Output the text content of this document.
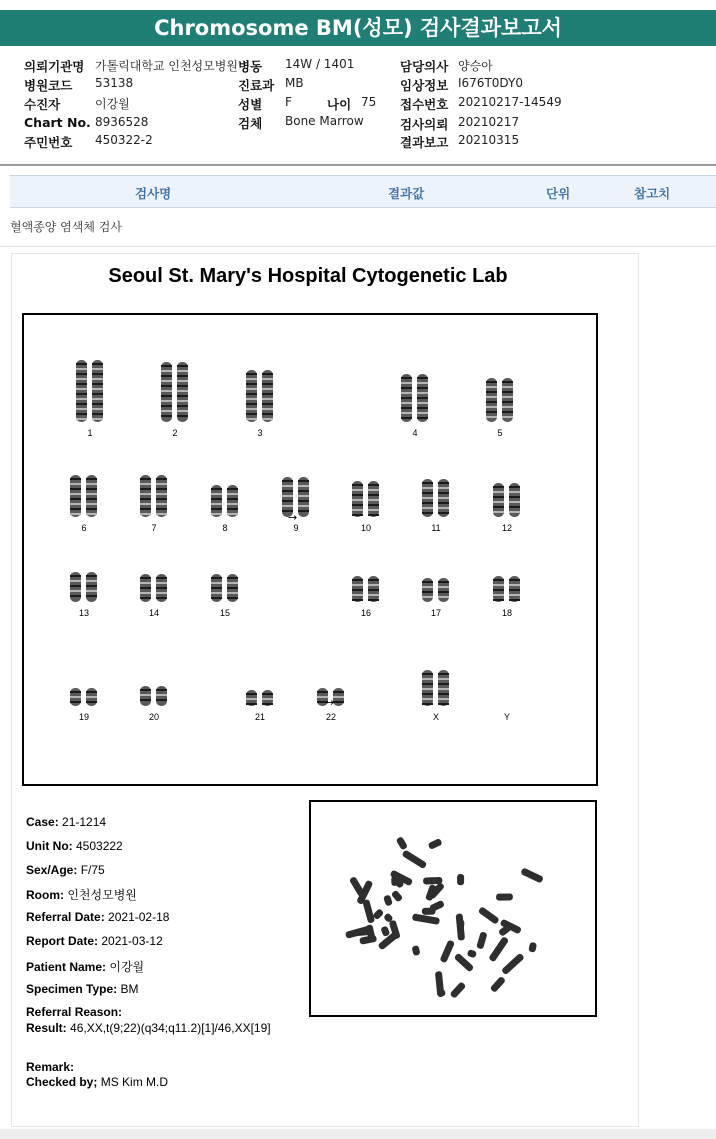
Chromosome BM(성모) 검사결과보고서
의뢰기관명 가톨릭대학교 인천성모병원 병동 14W / 1401	담당의사 양승아
병원코드 53138	진료과 MB	임상정보 I676T0DY0
수진자	이강월	성별 F	나이 75 접수번호 20210217-14549
Chart No. 8936528	검체 Bone Marrow	검사의뢰 20210217
주민번호 450322-2	결과보고 20210315
검사명	결과값	단위	참고치
혈액종양 염색체 검사
Seoul St. Mary's Hospital Cytogenetic Lab
1	2	3	4	5
6	7	8	9	10	11	12
13	14	15	16	17	18
19	20	21	22	X	Y
→
→
Case: 21-1214
Unit No: 4503222
Sex/Age: F/75
Room: 인천성모병원
Referral Date: 2021-02-18
Report Date: 2021-03-12
Patient Name: 이강월
Specimen Type: BM
Referral Reason:
Result: 46,XX,t(9;22)(q34;q11.2)[1]/46,XX[19]
Remark:
Checked by; MS Kim M.D
